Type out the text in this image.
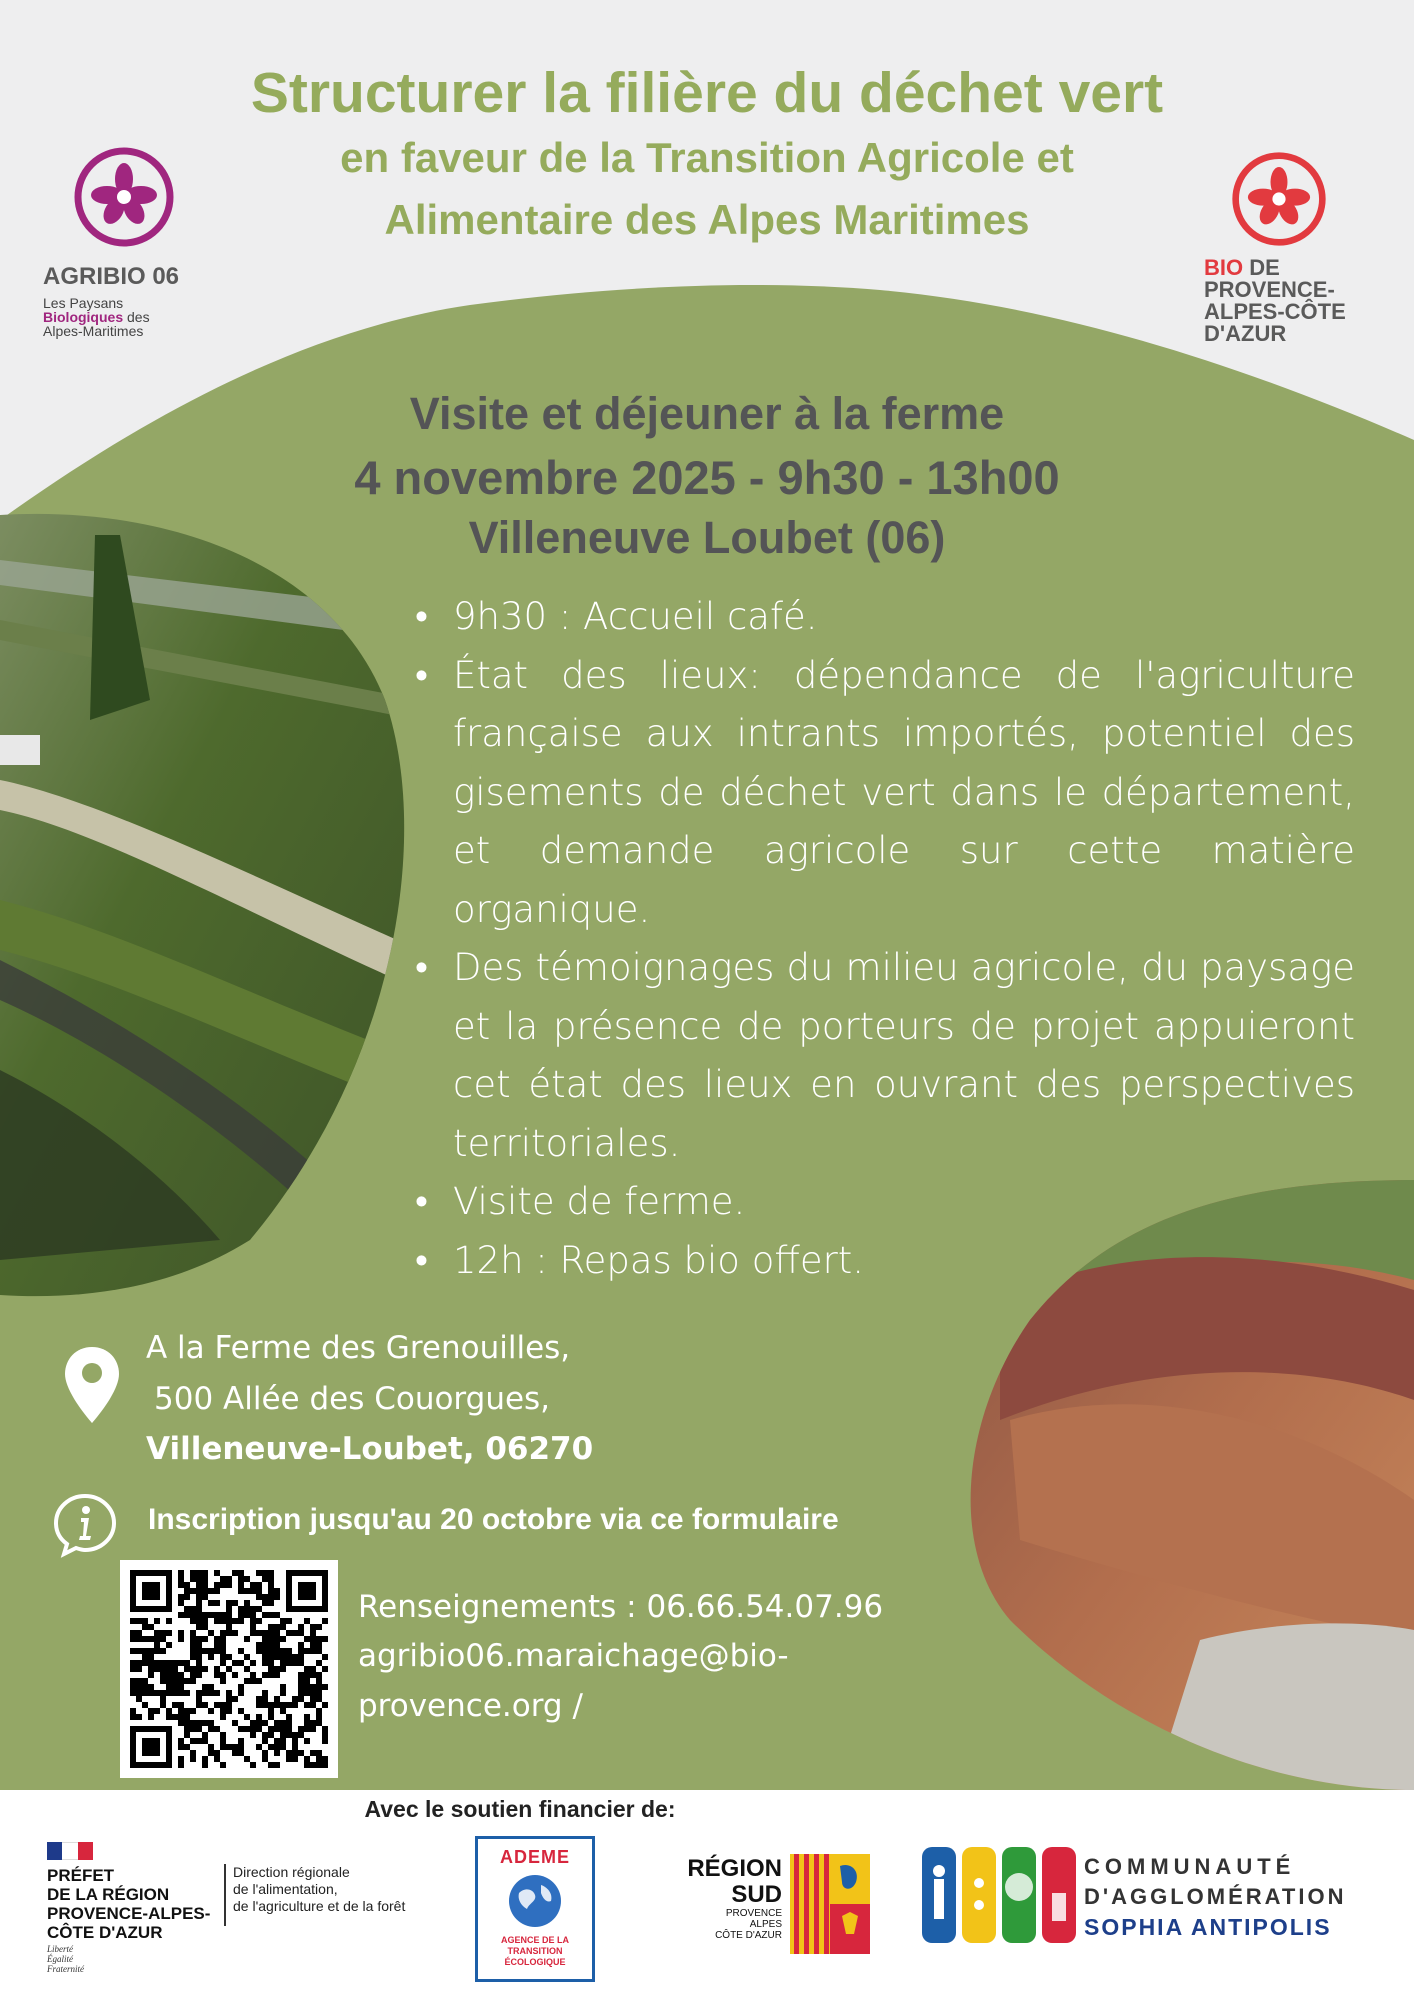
Structurer la filière du déchet vert
en faveur de la Transition Agricole et
Alimentaire des Alpes Maritimes
AGRIBIO 06
Les Paysans
Biologiques des
Alpes-Maritimes
BIO DE
PROVENCE-
ALPES-CÔTE
D'AZUR
Visite et déjeuner à la ferme
4 novembre 2025 - 9h30 - 13h00
Villeneuve Loubet (06)
• 9h30 : Accueil café.
• État des lieux: dépendance de l'agriculture française aux intrants importés, potentiel des gisements de déchet vert dans le département, et demande agricole sur cette matière organique.
• Des témoignages du milieu agricole, du paysage et la présence de porteurs de projet appuieront cet état des lieux en ouvrant des perspectives territoriales.
• Visite de ferme.
• 12h : Repas bio offert.
A la Ferme des Grenouilles,
500 Allée des Couorgues,
Villeneuve-Loubet, 06270
Inscription jusqu'au 20 octobre via ce formulaire
Renseignements : 06.66.54.07.96
agribio06.maraichage@bio-
provence.org /
Avec le soutien financier de:
PRÉFET
DE LA RÉGION
PROVENCE-ALPES-
CÔTE D'AZUR
Liberté
Égalité
Fraternité
Direction régionale
de l'alimentation,
de l'agriculture et de la forêt
ADEME
AGENCE DE LA
TRANSITION
ÉCOLOGIQUE
RÉGION
SUD
PROVENCE
ALPES
CÔTE D'AZUR
COMMUNAUTÉ
D'AGGLOMÉRATION
SOPHIA ANTIPOLIS
